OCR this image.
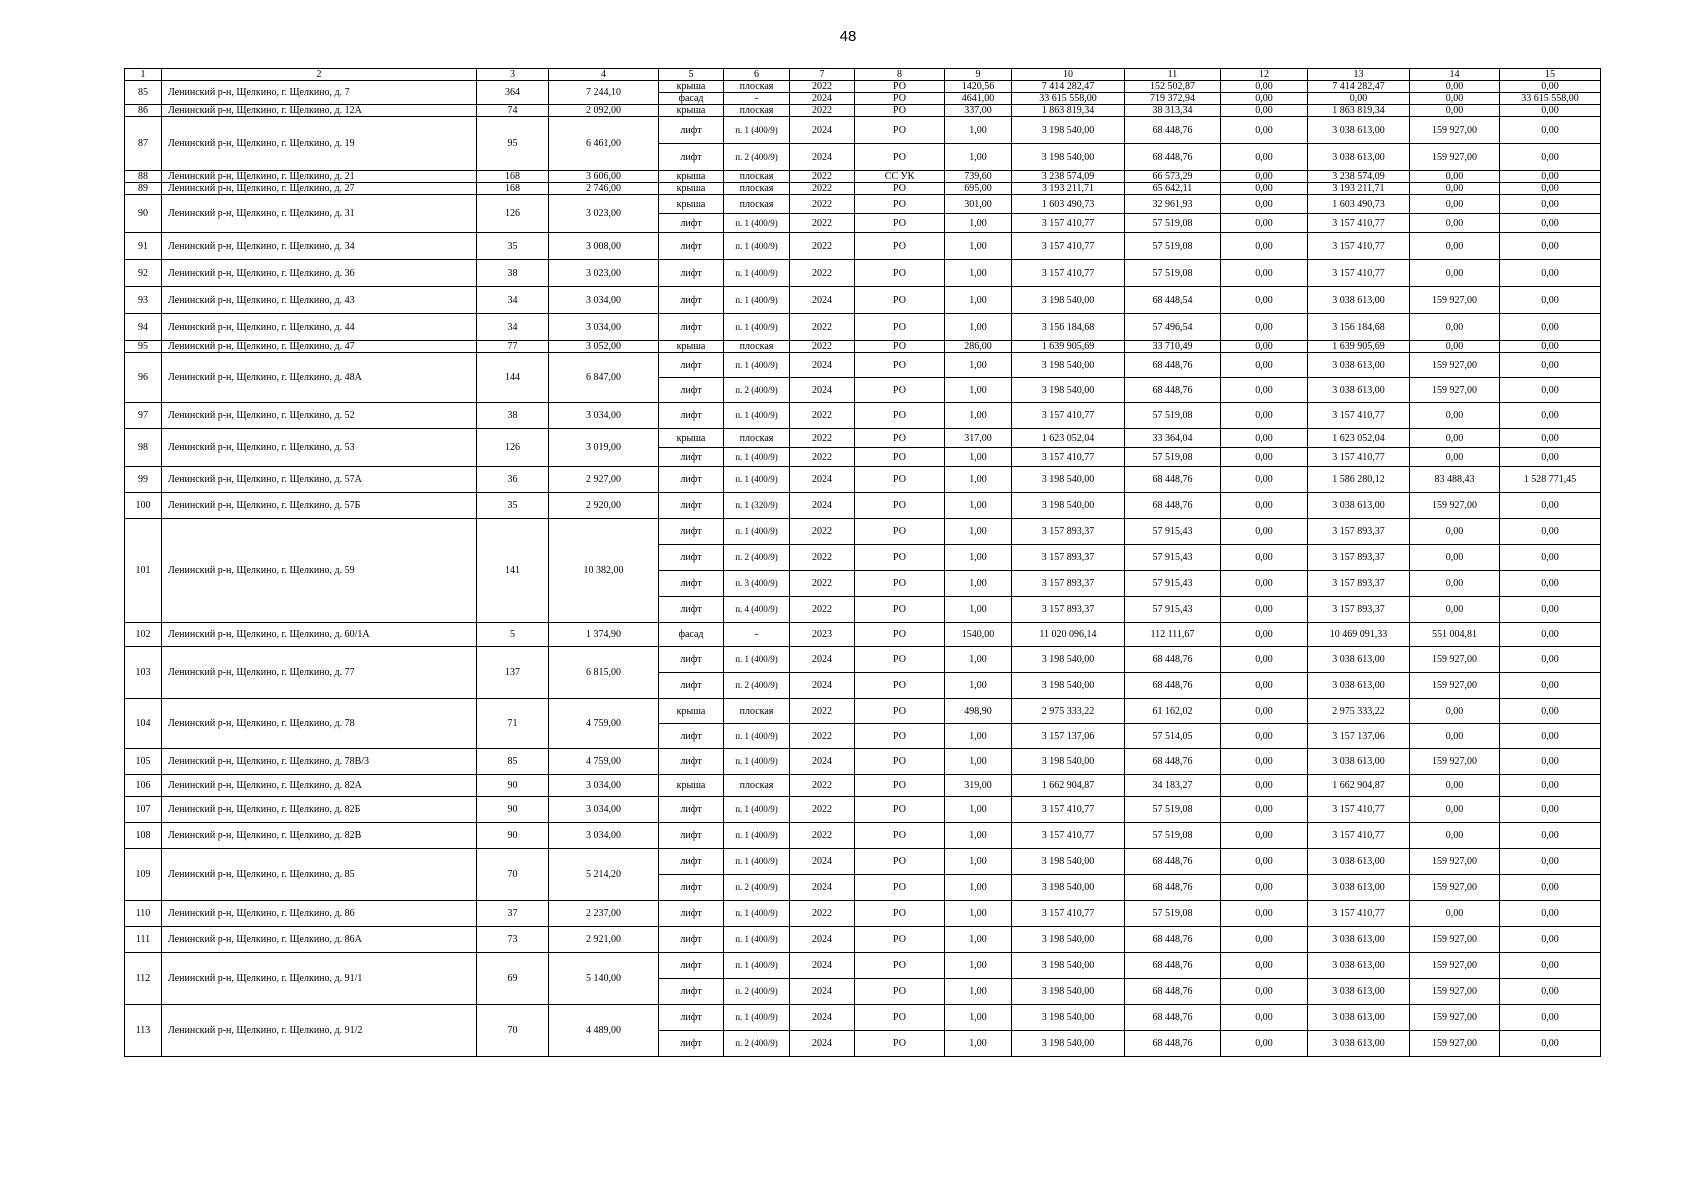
48
1	2	3	4	5	6	7	8	9	10	11	12	13	14	15
85	Ленинский р-н, Щелкино, г. Щелкино, д. 7	364	7 244,10	крыша	плоская	2022	РО	1420,56	7 414 282,47	152 502,87	0,00	7 414 282,47	0,00	0,00
				фасад	-	2024	РО	4641,00	33 615 558,00	719 372,94	0,00	0,00	0,00	33 615 558,00
86	Ленинский р-н, Щелкино, г. Щелкино, д. 12А	74	2 092,00	крыша	плоская	2022	РО	337,00	1 863 819,34	38 313,34	0,00	1 863 819,34	0,00	0,00
87	Ленинский р-н, Щелкино, г. Щелкино, д. 19	95	6 461,00	лифт	п. 1 (400/9)	2024	РО	1,00	3 198 540,00	68 448,76	0,00	3 038 613,00	159 927,00	0,00
				лифт	п. 2 (400/9)	2024	РО	1,00	3 198 540,00	68 448,76	0,00	3 038 613,00	159 927,00	0,00
88	Ленинский р-н, Щелкино, г. Щелкино, д. 21	168	3 606,00	крыша	плоская	2022	СС УК	739,60	3 238 574,09	66 573,29	0,00	3 238 574,09	0,00	0,00
89	Ленинский р-н, Щелкино, г. Щелкино, д. 27	168	2 746,00	крыша	плоская	2022	РО	695,00	3 193 211,71	65 642,11	0,00	3 193 211,71	0,00	0,00
90	Ленинский р-н, Щелкино, г. Щелкино, д. 31	126	3 023,00	крыша	плоская	2022	РО	301,00	1 603 490,73	32 961,93	0,00	1 603 490,73	0,00	0,00
				лифт	п. 1 (400/9)	2022	РО	1,00	3 157 410,77	57 519,08	0,00	3 157 410,77	0,00	0,00
91	Ленинский р-н, Щелкино, г. Щелкино, д. 34	35	3 008,00	лифт	п. 1 (400/9)	2022	РО	1,00	3 157 410,77	57 519,08	0,00	3 157 410,77	0,00	0,00
92	Ленинский р-н, Щелкино, г. Щелкино, д. 36	38	3 023,00	лифт	п. 1 (400/9)	2022	РО	1,00	3 157 410,77	57 519,08	0,00	3 157 410,77	0,00	0,00
93	Ленинский р-н, Щелкино, г. Щелкино, д. 43	34	3 034,00	лифт	п. 1 (400/9)	2024	РО	1,00	3 198 540,00	68 448,54	0,00	3 038 613,00	159 927,00	0,00
94	Ленинский р-н, Щелкино, г. Щелкино, д. 44	34	3 034,00	лифт	п. 1 (400/9)	2022	РО	1,00	3 156 184,68	57 496,54	0,00	3 156 184,68	0,00	0,00
95	Ленинский р-н, Щелкино, г. Щелкино, д. 47	77	3 052,00	крыша	плоская	2022	РО	286,00	1 639 905,69	33 710,49	0,00	1 639 905,69	0,00	0,00
96	Ленинский р-н, Щелкино, г. Щелкино, д. 48А	144	6 847,00	лифт	п. 1 (400/9)	2024	РО	1,00	3 198 540,00	68 448,76	0,00	3 038 613,00	159 927,00	0,00
				лифт	п. 2 (400/9)	2024	РО	1,00	3 198 540,00	68 448,76	0,00	3 038 613,00	159 927,00	0,00
97	Ленинский р-н, Щелкино, г. Щелкино, д. 52	38	3 034,00	лифт	п. 1 (400/9)	2022	РО	1,00	3 157 410,77	57 519,08	0,00	3 157 410,77	0,00	0,00
98	Ленинский р-н, Щелкино, г. Щелкино, д. 53	126	3 019,00	крыша	плоская	2022	РО	317,00	1 623 052,04	33 364,04	0,00	1 623 052,04	0,00	0,00
				лифт	п. 1 (400/9)	2022	РО	1,00	3 157 410,77	57 519,08	0,00	3 157 410,77	0,00	0,00
99	Ленинский р-н, Щелкино, г. Щелкино, д. 57А	36	2 927,00	лифт	п. 1 (400/9)	2024	РО	1,00	3 198 540,00	68 448,76	0,00	1 586 280,12	83 488,43	1 528 771,45
100	Ленинский р-н, Щелкино, г. Щелкино, д. 57Б	35	2 920,00	лифт	п. 1 (320/9)	2024	РО	1,00	3 198 540,00	68 448,76	0,00	3 038 613,00	159 927,00	0,00
101	Ленинский р-н, Щелкино, г. Щелкино, д. 59	141	10 382,00	лифт	п. 1 (400/9)	2022	РО	1,00	3 157 893,37	57 915,43	0,00	3 157 893,37	0,00	0,00
				лифт	п. 2 (400/9)	2022	РО	1,00	3 157 893,37	57 915,43	0,00	3 157 893,37	0,00	0,00
				лифт	п. 3 (400/9)	2022	РО	1,00	3 157 893,37	57 915,43	0,00	3 157 893,37	0,00	0,00
				лифт	п. 4 (400/9)	2022	РО	1,00	3 157 893,37	57 915,43	0,00	3 157 893,37	0,00	0,00
102	Ленинский р-н, Щелкино, г. Щелкино, д. 60/1А	5	1 374,90	фасад	-	2023	РО	1540,00	11 020 096,14	112 111,67	0,00	10 469 091,33	551 004,81	0,00
103	Ленинский р-н, Щелкино, г. Щелкино, д. 77	137	6 815,00	лифт	п. 1 (400/9)	2024	РО	1,00	3 198 540,00	68 448,76	0,00	3 038 613,00	159 927,00	0,00
				лифт	п. 2 (400/9)	2024	РО	1,00	3 198 540,00	68 448,76	0,00	3 038 613,00	159 927,00	0,00
104	Ленинский р-н, Щелкино, г. Щелкино, д. 78	71	4 759,00	крыша	плоская	2022	РО	498,90	2 975 333,22	61 162,02	0,00	2 975 333,22	0,00	0,00
				лифт	п. 1 (400/9)	2022	РО	1,00	3 157 137,06	57 514,05	0,00	3 157 137,06	0,00	0,00
105	Ленинский р-н, Щелкино, г. Щелкино, д. 78В/3	85	4 759,00	лифт	п. 1 (400/9)	2024	РО	1,00	3 198 540,00	68 448,76	0,00	3 038 613,00	159 927,00	0,00
106	Ленинский р-н, Щелкино, г. Щелкино, д. 82А	90	3 034,00	крыша	плоская	2022	РО	319,00	1 662 904,87	34 183,27	0,00	1 662 904,87	0,00	0,00
107	Ленинский р-н, Щелкино, г. Щелкино, д. 82Б	90	3 034,00	лифт	п. 1 (400/9)	2022	РО	1,00	3 157 410,77	57 519,08	0,00	3 157 410,77	0,00	0,00
108	Ленинский р-н, Щелкино, г. Щелкино, д. 82В	90	3 034,00	лифт	п. 1 (400/9)	2022	РО	1,00	3 157 410,77	57 519,08	0,00	3 157 410,77	0,00	0,00
109	Ленинский р-н, Щелкино, г. Щелкино, д. 85	70	5 214,20	лифт	п. 1 (400/9)	2024	РО	1,00	3 198 540,00	68 448,76	0,00	3 038 613,00	159 927,00	0,00
				лифт	п. 2 (400/9)	2024	РО	1,00	3 198 540,00	68 448,76	0,00	3 038 613,00	159 927,00	0,00
110	Ленинский р-н, Щелкино, г. Щелкино, д. 86	37	2 237,00	лифт	п. 1 (400/9)	2022	РО	1,00	3 157 410,77	57 519,08	0,00	3 157 410,77	0,00	0,00
111	Ленинский р-н, Щелкино, г. Щелкино, д. 86А	73	2 921,00	лифт	п. 1 (400/9)	2024	РО	1,00	3 198 540,00	68 448,76	0,00	3 038 613,00	159 927,00	0,00
112	Ленинский р-н, Щелкино, г. Щелкино, д. 91/1	69	5 140,00	лифт	п. 1 (400/9)	2024	РО	1,00	3 198 540,00	68 448,76	0,00	3 038 613,00	159 927,00	0,00
				лифт	п. 2 (400/9)	2024	РО	1,00	3 198 540,00	68 448,76	0,00	3 038 613,00	159 927,00	0,00
113	Ленинский р-н, Щелкино, г. Щелкино, д. 91/2	70	4 489,00	лифт	п. 1 (400/9)	2024	РО	1,00	3 198 540,00	68 448,76	0,00	3 038 613,00	159 927,00	0,00
				лифт	п. 2 (400/9)	2024	РО	1,00	3 198 540,00	68 448,76	0,00	3 038 613,00	159 927,00	0,00
